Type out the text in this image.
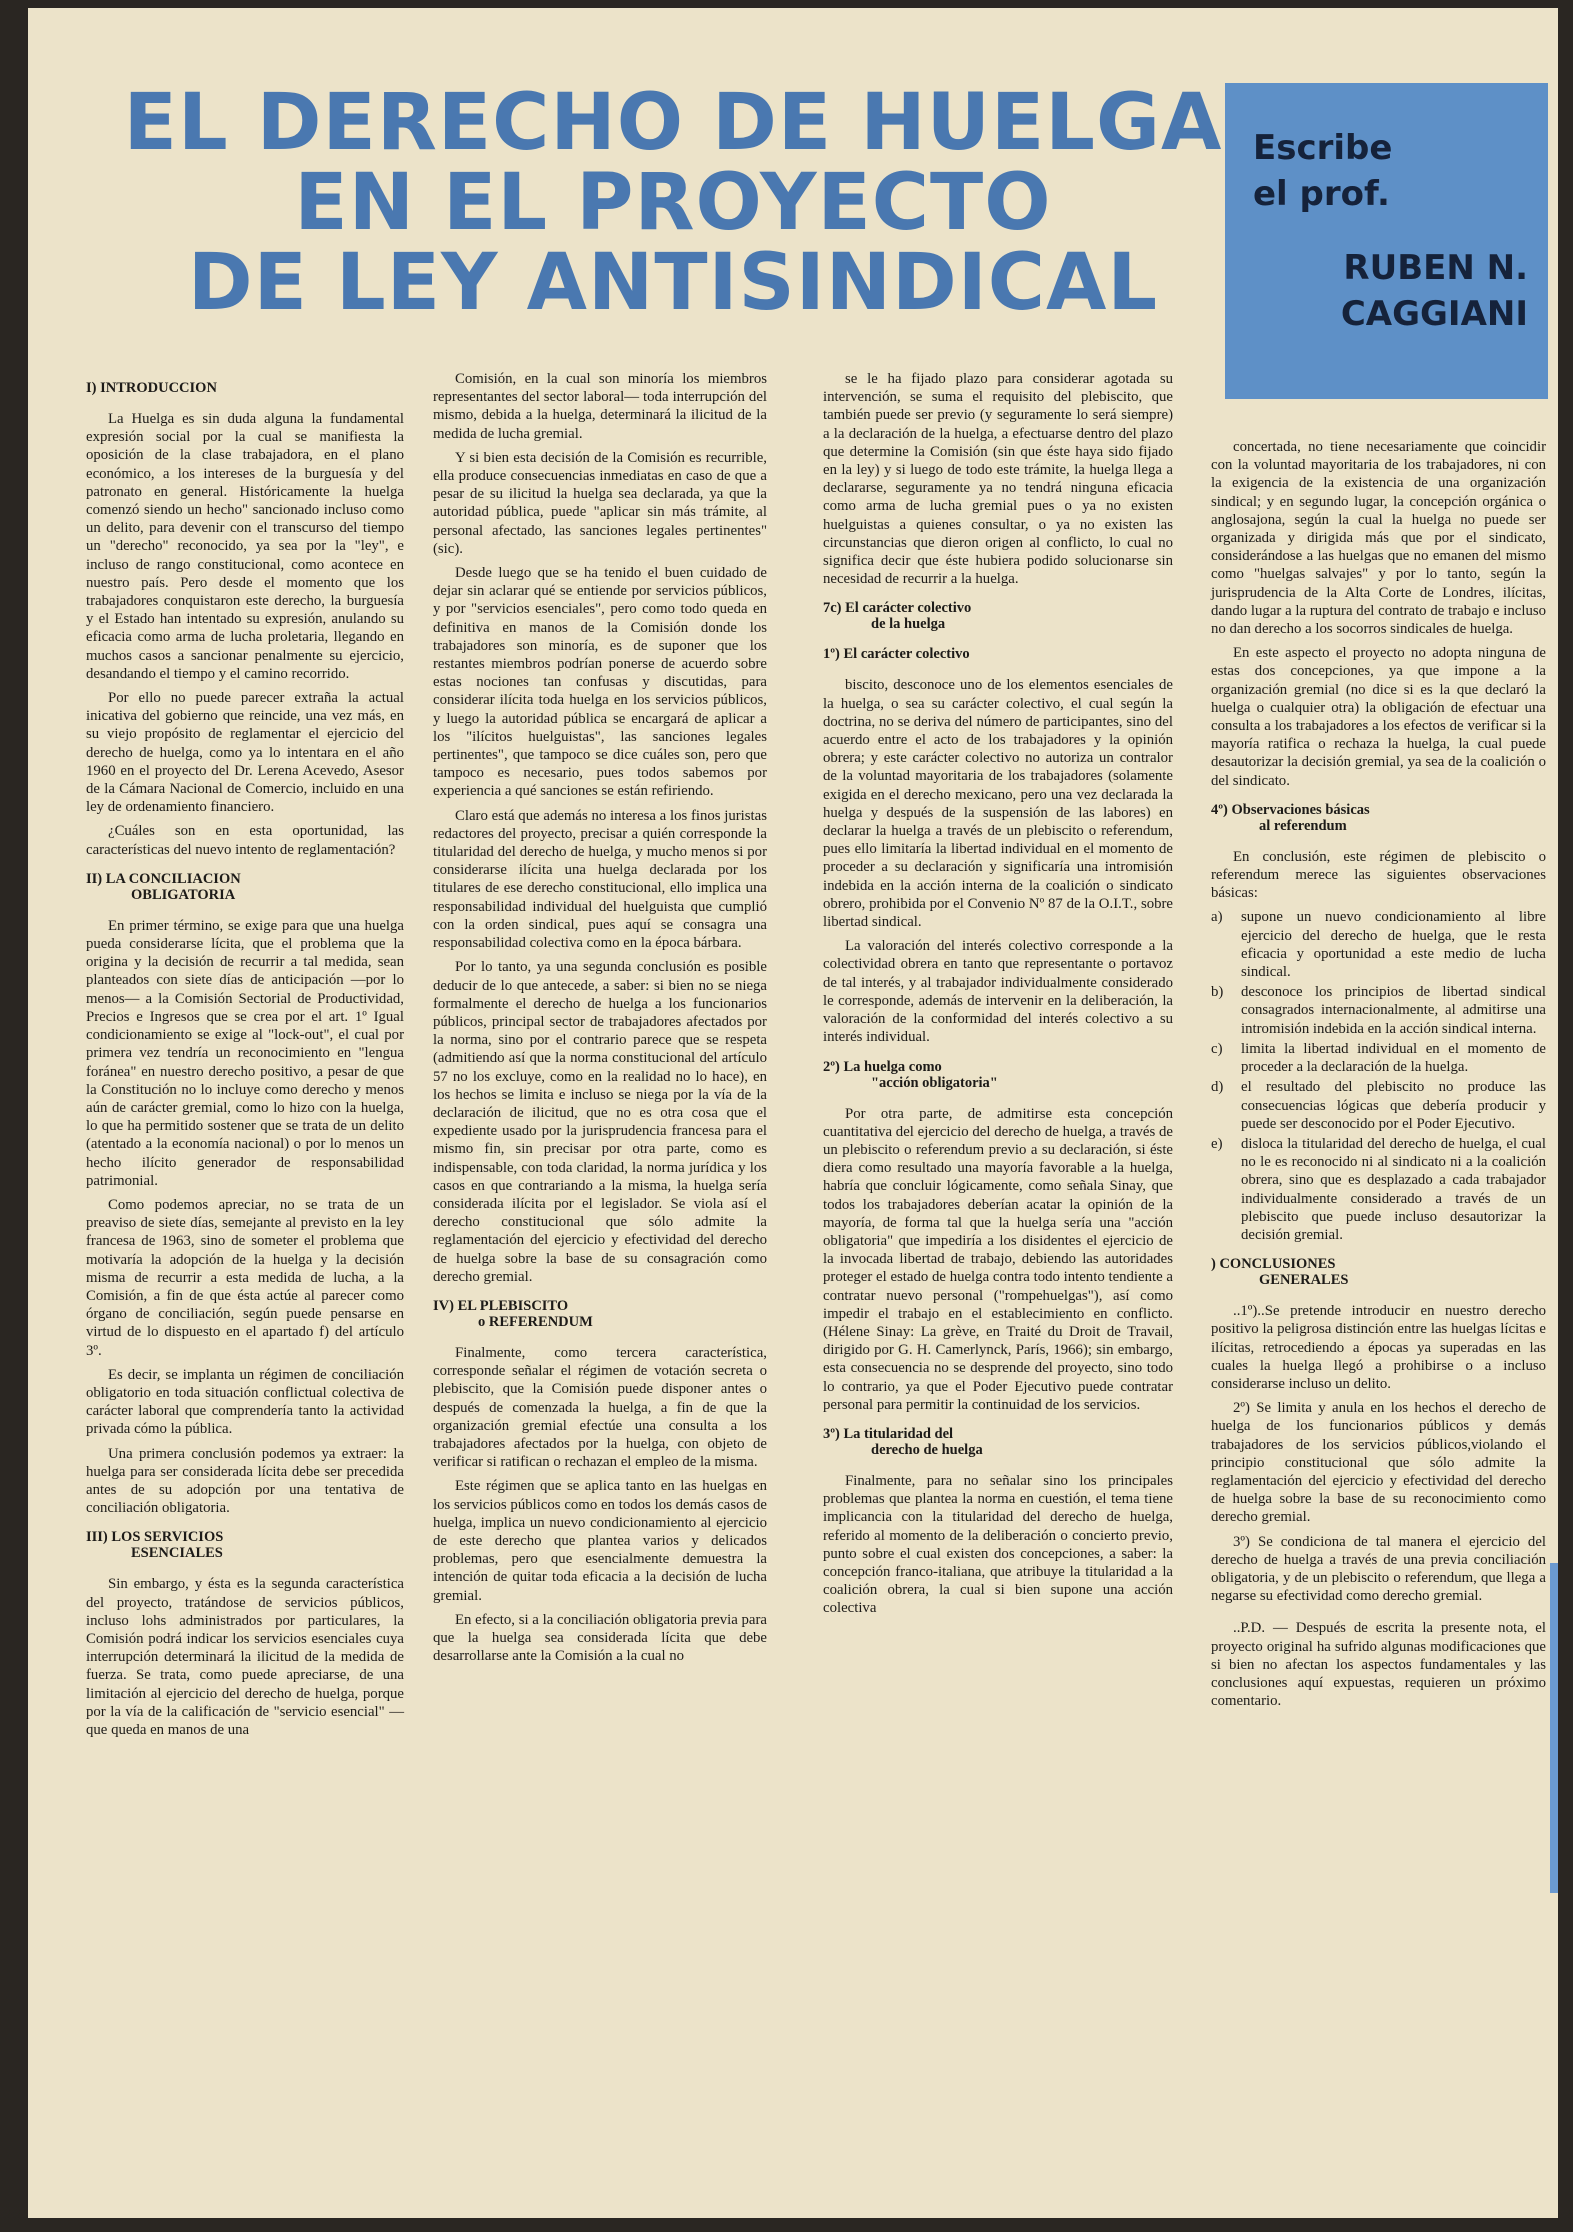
EL DERECHO DE HUELGA
EN EL PROYECTO
DE LEY ANTISINDICAL
Escribe
el prof.
RUBEN N.
CAGGIANI
I) INTRODUCCION

La Huelga es sin duda alguna la fundamental expresión social por la cual se manifiesta la oposición de la clase trabajadora, en el plano económico, a los intereses de la burguesía y del patronato en general. Históricamente la huelga comenzó siendo un hecho" sancionado incluso como un delito, para devenir con el transcurso del tiempo un "derecho" reconocido, ya sea por la "ley", e incluso de rango constitucional, como acontece en nuestro país. Pero desde el momento que los trabajadores conquistaron este derecho, la burguesía y el Estado han intentado su expresión, anulando su eficacia como arma de lucha proletaria, llegando en muchos casos a sancionar penalmente su ejercicio, desandando el tiempo y el camino recorrido.

Por ello no puede parecer extraña la actual inicativa del gobierno que reincide, una vez más, en su viejo propósito de reglamentar el ejercicio del derecho de huelga, como ya lo intentara en el año 1960 en el proyecto del Dr. Lerena Acevedo, Asesor de la Cámara Nacional de Comercio, incluido en una ley de ordenamiento financiero.

¿Cuáles son en esta oportunidad, las características del nuevo intento de reglamentación?

II) LA CONCILIACION
OBLIGATORIA

En primer término, se exige para que una huelga pueda considerarse lícita, que el problema que la origina y la decisión de recurrir a tal medida, sean planteados con siete días de anticipación —por lo menos— a la Comisión Sectorial de Productividad, Precios e Ingresos que se crea por el art. 1º Igual condicionamiento se exige al "lock-out", el cual por primera vez tendría un reconocimiento en "lengua foránea" en nuestro derecho positivo, a pesar de que la Constitución no lo incluye como derecho y menos aún de carácter gremial, como lo hizo con la huelga, lo que ha permitido sostener que se trata de un delito (atentado a la economía nacional) o por lo menos un hecho ilícito generador de responsabilidad patrimonial.

Como podemos apreciar, no se trata de un preaviso de siete días, semejante al previsto en la ley francesa de 1963, sino de someter el problema que motivaría la adopción de la huelga y la decisión misma de recurrir a esta medida de lucha, a la Comisión, a fin de que ésta actúe al parecer como órgano de conciliación, según puede pensarse en virtud de lo dispuesto en el apartado f) del artículo 3º.

Es decir, se implanta un régimen de conciliación obligatorio en toda situación conflictual colectiva de carácter laboral que comprendería tanto la actividad privada cómo la pública.

Una primera conclusión podemos ya extraer: la huelga para ser considerada lícita debe ser precedida antes de su adopción por una tentativa de conciliación obligatoria.

III) LOS SERVICIOS
ESENCIALES

Sin embargo, y ésta es la segunda característica del proyecto, tratándose de servicios públicos, incluso lohs administrados por particulares, la Comisión podrá indicar los servicios esenciales cuya interrupción determinará la ilicitud de la medida de fuerza. Se trata, como puede apreciarse, de una limitación al ejercicio del derecho de huelga, porque por la vía de la calificación de "servicio esencial" —que queda en manos de una

Comisión, en la cual son minoría los miembros representantes del sector laboral— toda interrupción del mismo, debida a la huelga, determinará la ilicitud de la medida de lucha gremial.

Y si bien esta decisión de la Comisión es recurrible, ella produce consecuencias inmediatas en caso de que a pesar de su ilicitud la huelga sea declarada, ya que la autoridad pública, puede "aplicar sin más trámite, al personal afectado, las sanciones legales pertinentes" (sic).

Desde luego que se ha tenido el buen cuidado de dejar sin aclarar qué se entiende por servicios públicos, y por "servicios esenciales", pero como todo queda en definitiva en manos de la Comisión donde los trabajadores son minoría, es de suponer que los restantes miembros podrían ponerse de acuerdo sobre estas nociones tan confusas y discutidas, para considerar ilícita toda huelga en los servicios públicos, y luego la autoridad pública se encargará de aplicar a los "ilícitos huelguistas", las sanciones legales pertinentes", que tampoco se dice cuáles son, pero que tampoco es necesario, pues todos sabemos por experiencia a qué sanciones se están refiriendo.

Claro está que además no interesa a los finos juristas redactores del proyecto, precisar a quién corresponde la titularidad del derecho de huelga, y mucho menos si por considerarse ilícita una huelga declarada por los titulares de ese derecho constitucional, ello implica una responsabilidad individual del huelguista que cumplió con la orden sindical, pues aquí se consagra una responsabilidad colectiva como en la época bárbara.

Por lo tanto, ya una segunda conclusión es posible deducir de lo que antecede, a saber: si bien no se niega formalmente el derecho de huelga a los funcionarios públicos, principal sector de trabajadores afectados por la norma, sino por el contrario parece que se respeta (admitiendo así que la norma constitucional del artículo 57 no los excluye, como en la realidad no lo hace), en los hechos se limita e incluso se niega por la vía de la declaración de ilicitud, que no es otra cosa que el expediente usado por la jurisprudencia francesa para el mismo fin, sin precisar por otra parte, como es indispensable, con toda claridad, la norma jurídica y los casos en que contrariando a la misma, la huelga sería considerada ilícita por el legislador. Se viola así el derecho constitucional que sólo admite la reglamentación del ejercicio y efectividad del derecho de huelga sobre la base de su consagración como derecho gremial.

IV) EL PLEBISCITO
o REFERENDUM

Finalmente, como tercera característica, corresponde señalar el régimen de votación secreta o plebiscito, que la Comisión puede disponer antes o después de comenzada la huelga, a fin de que la organización gremial efectúe una consulta a los trabajadores afectados por la huelga, con objeto de verificar si ratifican o rechazan el empleo de la misma.

Este régimen que se aplica tanto en las huelgas en los servicios públicos como en todos los demás casos de huelga, implica un nuevo condicionamiento al ejercicio de este derecho que plantea varios y delicados problemas, pero que esencialmente demuestra la intención de quitar toda eficacia a la decisión de lucha gremial.

En efecto, si a la conciliación obligatoria previa para que la huelga sea considerada lícita que debe desarrollarse ante la Comisión a la cual no

se le ha fijado plazo para considerar agotada su intervención, se suma el requisito del plebiscito, que también puede ser previo (y seguramente lo será siempre) a la declaración de la huelga, a efectuarse dentro del plazo que determine la Comisión (sin que éste haya sido fijado en la ley) y si luego de todo este trámite, la huelga llega a declararse, seguramente ya no tendrá ninguna eficacia como arma de lucha gremial pues o ya no existen huelguistas a quienes consultar, o ya no existen las circunstancias que dieron origen al conflicto, lo cual no significa decir que éste hubiera podido solucionarse sin necesidad de recurrir a la huelga.

7c) El carácter colectivo
de la huelga
1º) El carácter colectivo

biscito, desconoce uno de los elementos esenciales de la huelga, o sea su carácter colectivo, el cual según la doctrina, no se deriva del número de participantes, sino del acuerdo entre el acto de los trabajadores y la opinión obrera; y este carácter colectivo no autoriza un contralor de la voluntad mayoritaria de los trabajadores (solamente exigida en el derecho mexicano, pero una vez declarada la huelga y después de la suspensión de las labores) en declarar la huelga a través de un plebiscito o referendum, pues ello limitaría la libertad individual en el momento de proceder a su declaración y significaría una intromisión indebida en la acción interna de la coalición o sindicato obrero, prohibida por el Convenio Nº 87 de la O.I.T., sobre libertad sindical.

La valoración del interés colectivo corresponde a la colectividad obrera en tanto que representante o portavoz de tal interés, y al trabajador individualmente considerado le corresponde, además de intervenir en la deliberación, la valoración de la conformidad del interés colectivo a su interés individual.

2º) La huelga como
"acción obligatoria"

Por otra parte, de admitirse esta concepción cuantitativa del ejercicio del derecho de huelga, a través de un plebiscito o referendum previo a su declaración, si éste diera como resultado una mayoría favorable a la huelga, habría que concluir lógicamente, como señala Sinay, que todos los trabajadores deberían acatar la opinión de la mayoría, de forma tal que la huelga sería una "acción obligatoria" que impediría a los disidentes el ejercicio de la invocada libertad de trabajo, debiendo las autoridades proteger el estado de huelga contra todo intento tendiente a contratar nuevo personal ("rompehuelgas"), así como impedir el trabajo en el establecimiento en conflicto. (Hélene Sinay: La grève, en Traité du Droit de Travail, dirigido por G. H. Camerlynck, París, 1966); sin embargo, esta consecuencia no se desprende del proyecto, sino todo lo contrario, ya que el Poder Ejecutivo puede contratar personal para permitir la continuidad de los servicios.

3º) La titularidad del
derecho de huelga

Finalmente, para no señalar sino los principales problemas que plantea la norma en cuestión, el tema tiene implicancia con la titularidad del derecho de huelga, referido al momento de la deliberación o concierto previo, punto sobre el cual existen dos concepciones, a saber: la concepción franco-italiana, que atribuye la titularidad a la coalición obrera, la cual si bien supone una acción colectiva

concertada, no tiene necesariamente que coincidir con la voluntad mayoritaria de los trabajadores, ni con la exigencia de la existencia de una organización sindical; y en segundo lugar, la concepción orgánica o anglosajona, según la cual la huelga no puede ser organizada y dirigida más que por el sindicato, considerándose a las huelgas que no emanen del mismo como "huelgas salvajes" y por lo tanto, según la jurisprudencia de la Alta Corte de Londres, ilícitas, dando lugar a la ruptura del contrato de trabajo e incluso no dan derecho a los socorros sindicales de huelga.

En este aspecto el proyecto no adopta ninguna de estas dos concepciones, ya que impone a la organización gremial (no dice si es la que declaró la huelga o cualquier otra) la obligación de efectuar una consulta a los trabajadores a los efectos de verificar si la mayoría ratifica o rechaza la huelga, la cual puede desautorizar la decisión gremial, ya sea de la coalición o del sindicato.

4º) Observaciones básicas
al referendum

En conclusión, este régimen de plebiscito o referendum merece las siguientes observaciones básicas:

a)	supone un nuevo condicionamiento al libre ejercicio del derecho de huelga, que le resta eficacia y oportunidad a este medio de lucha sindical.
b)	desconoce los principios de libertad sindical consagrados internacionalmente, al admitirse una intromisión indebida en la acción sindical interna.
c)	limita la libertad individual en el momento de proceder a la declaración de la huelga.
d)	el resultado del plebiscito no produce las consecuencias lógicas que debería producir y puede ser desconocido por el Poder Ejecutivo.
e)	disloca la titularidad del derecho de huelga, el cual no le es reconocido ni al sindicato ni a la coalición obrera, sino que es desplazado a cada trabajador individualmente considerado a través de un plebiscito que puede incluso desautorizar la decisión gremial.
) CONCLUSIONES
GENERALES

..1º)..Se pretende introducir en nuestro derecho positivo la peligrosa distinción entre las huelgas lícitas e ilícitas, retrocediendo a épocas ya superadas en las cuales la huelga llegó a prohibirse o a incluso considerarse incluso un delito.

2º) Se limita y anula en los hechos el derecho de huelga de los funcionarios públicos y demás trabajadores de los servicios públicos,violando el principio constitucional que sólo admite la reglamentación del ejercicio y efectividad del derecho de huelga sobre la base de su reconocimiento como derecho gremial.

3º) Se condiciona de tal manera el ejercicio del derecho de huelga a través de una previa conciliación obligatoria, y de un plebiscito o referendum, que llega a negarse su efectividad como derecho gremial.

..P.D. — Después de escrita la presente nota, el proyecto original ha sufrido algunas modificaciones que si bien no afectan los aspectos fundamentales y las conclusiones aquí expuestas, requieren un próximo comentario.
